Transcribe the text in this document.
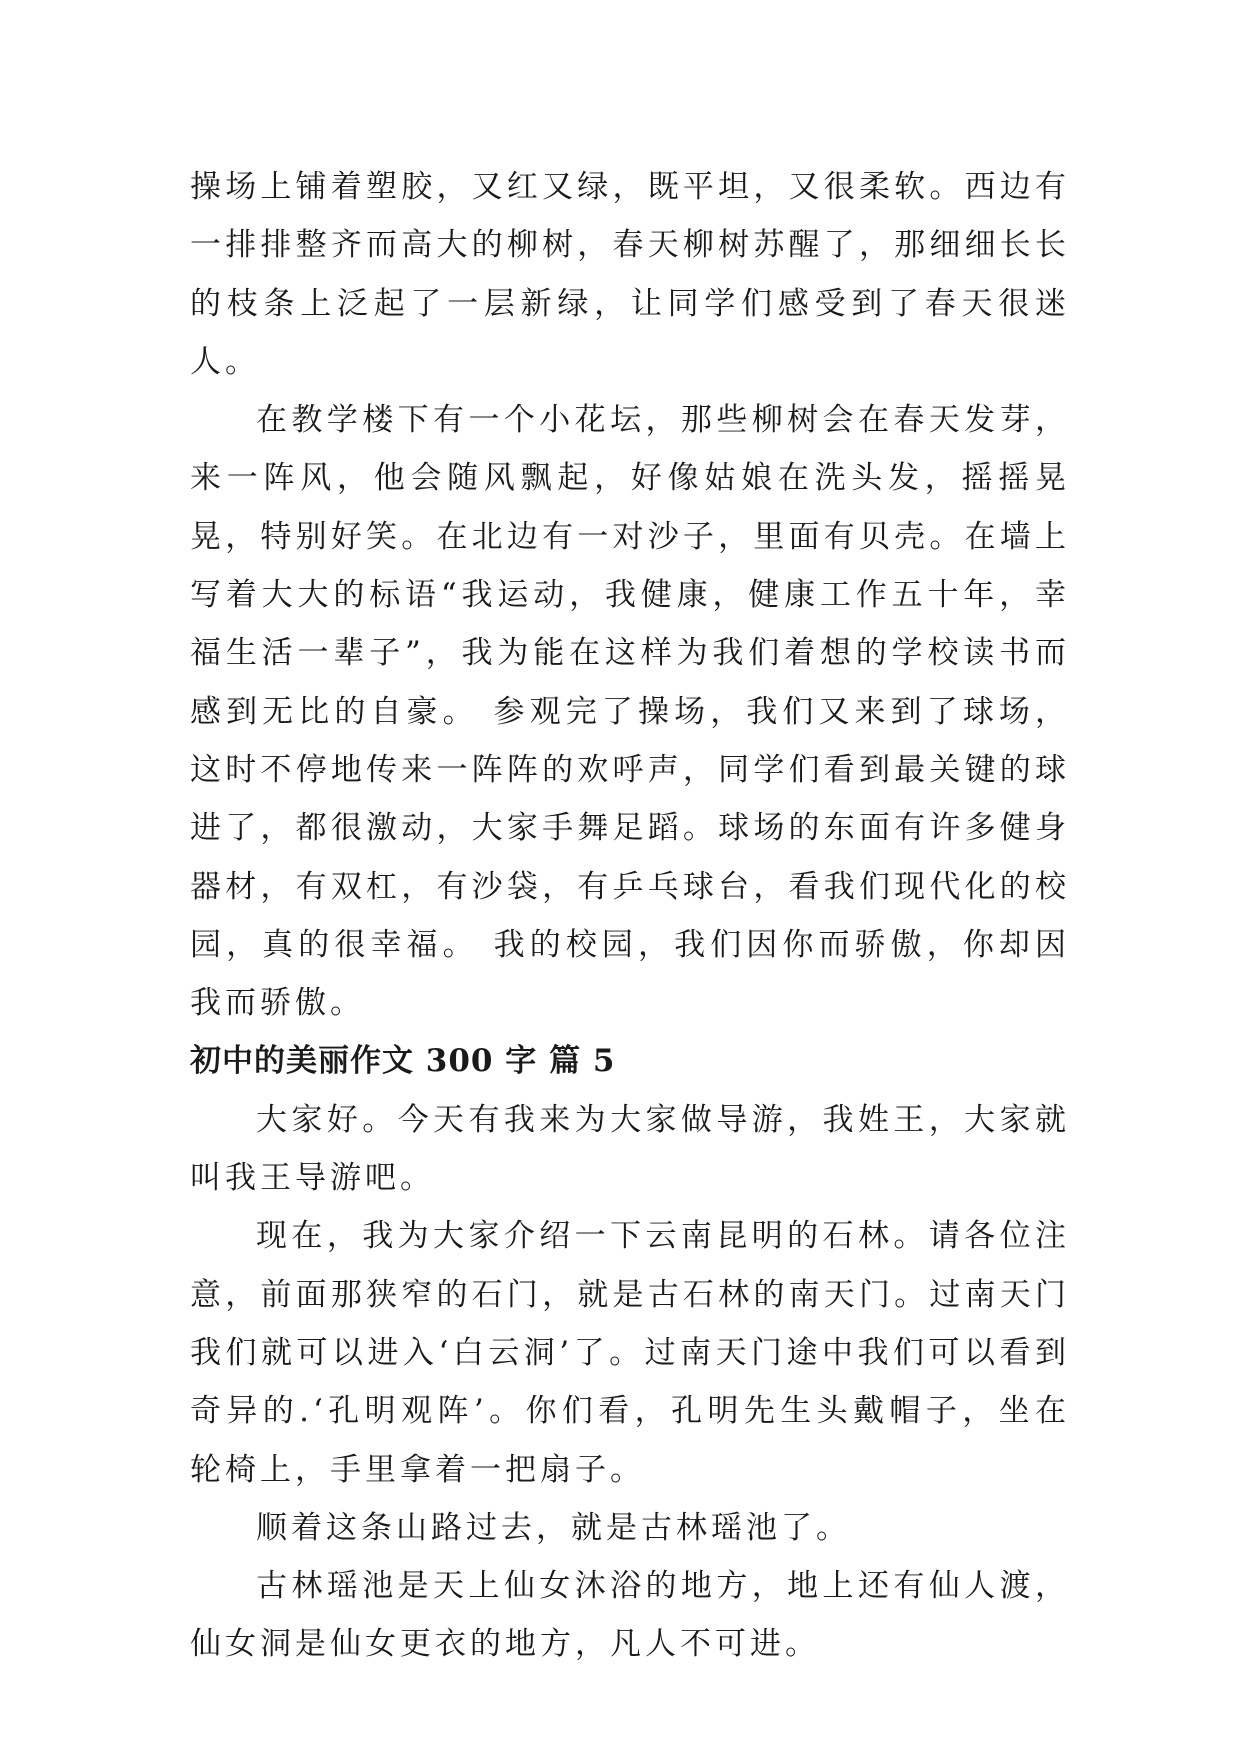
操场上铺着塑胶，又红又绿，既平坦，又很柔软。西边有一排排整齐而高大的柳树，春天柳树苏醒了，那细细长长的枝条上泛起了一层新绿，让同学们感受到了春天很迷人。

在教学楼下有一个小花坛，那些柳树会在春天发芽，来一阵风，他会随风飘起，好像姑娘在洗头发，摇摇晃晃，特别好笑。在北边有一对沙子，里面有贝壳。在墙上写着大大的标语“我运动，我健康，健康工作五十年，幸福生活一辈子”，我为能在这样为我们着想的学校读书而感到无比的自豪。 参观完了操场，我们又来到了球场，这时不停地传来一阵阵的欢呼声，同学们看到最关键的球进了，都很激动，大家手舞足蹈。球场的东面有许多健身器材，有双杠，有沙袋，有乒乓球台，看我们现代化的校园，真的很幸福。 我的校园，我们因你而骄傲，你却因我而骄傲。

初中的美丽作文 300 字 篇 5

大家好。今天有我来为大家做导游，我姓王，大家就叫我王导游吧。

现在，我为大家介绍一下云南昆明的石林。请各位注意，前面那狭窄的石门，就是古石林的南天门。过南天门我们就可以进入‘白云洞’了。过南天门途中我们可以看到奇异的.‘孔明观阵’。你们看，孔明先生头戴帽子，坐在轮椅上，手里拿着一把扇子。

顺着这条山路过去，就是古林瑶池了。

古林瑶池是天上仙女沐浴的地方，地上还有仙人渡，仙女洞是仙女更衣的地方，凡人不可进。
